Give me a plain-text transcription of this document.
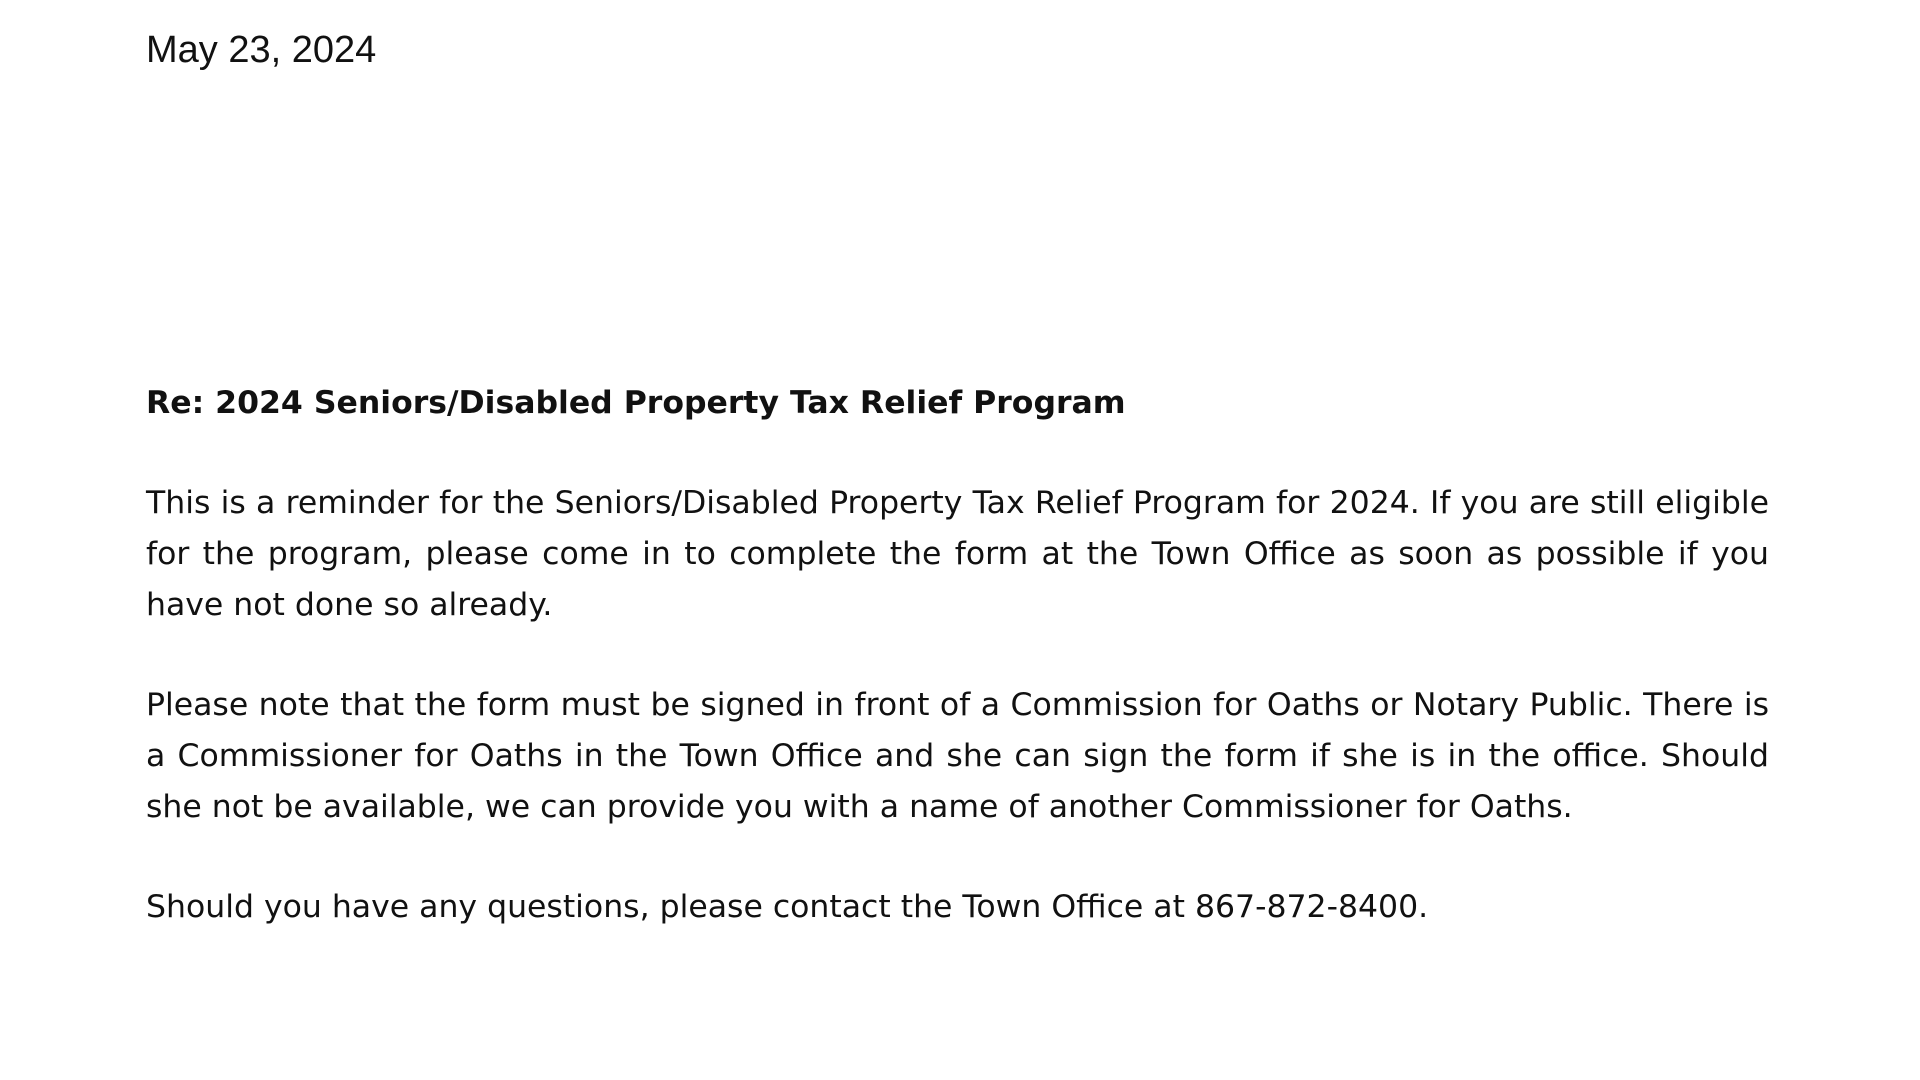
May 23, 2024
Re: 2024 Seniors/Disabled Property Tax Relief Program

This is a reminder for the Seniors/Disabled Property Tax Relief Program for 2024. If you are still eligible for the program, please come in to complete the form at the Town Office as soon as possible if you have not done so already.

Please note that the form must be signed in front of a Commission for Oaths or Notary Public. There is a Commissioner for Oaths in the Town Office and she can sign the form if she is in the office. Should she not be available, we can provide you with a name of another Commissioner for Oaths.

Should you have any questions, please contact the Town Office at 867-872-8400.
